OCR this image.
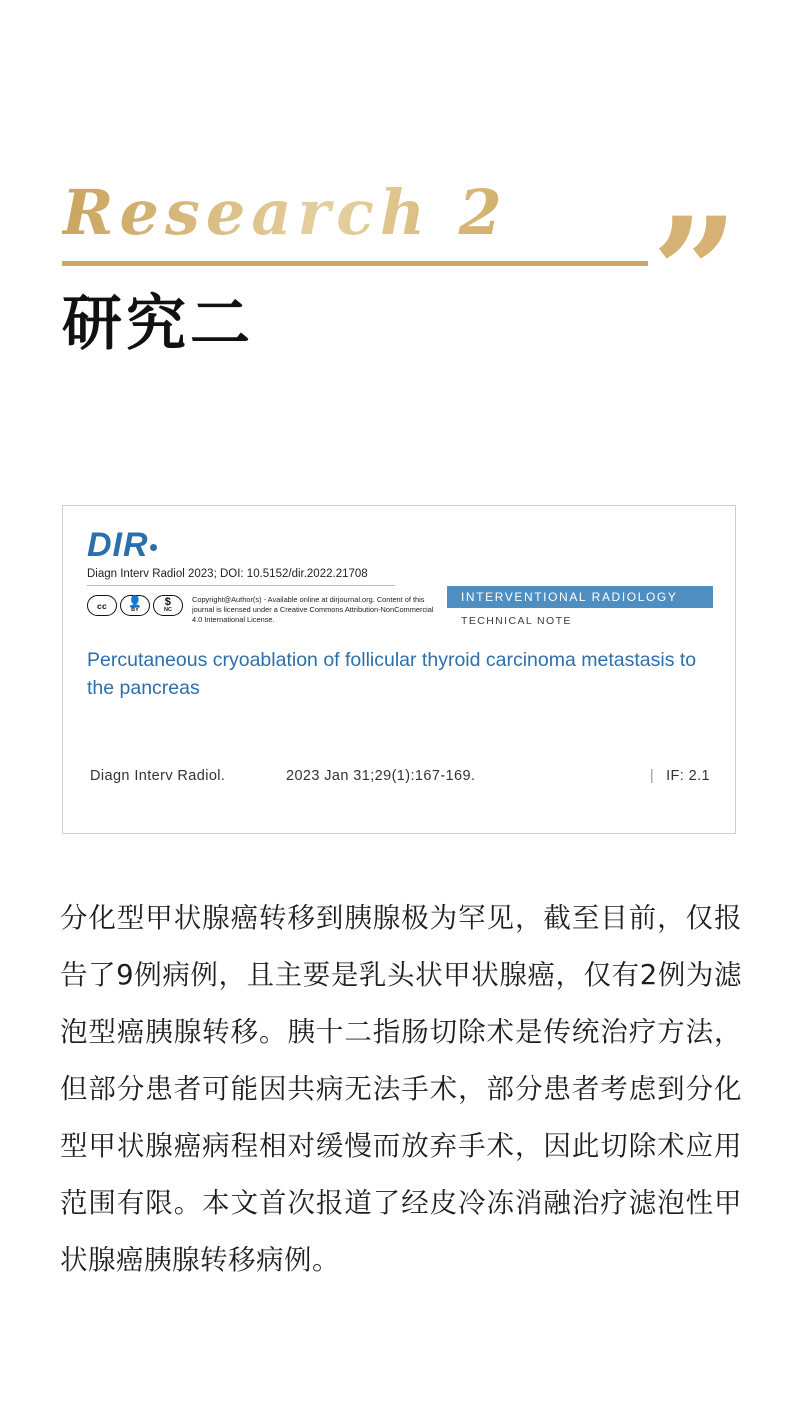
Research 2
研究二	”
DIR
Diagn Interv Radiol 2023; DOI: 10.5152/dir.2022.21708
cc	👤
BY
$
NC
Copyright@Author(s) - Available online at dirjournal.org. Content of this journal is licensed under a Creative Commons Attribution-NonCommercial 4.0 International License.
INTERVENTIONAL RADIOLOGY
TECHNICAL NOTE
Percutaneous cryoablation of follicular thyroid carcinoma metastasis to the pancreas
Diagn Interv Radiol.	2023 Jan 31;29(1):167-169.	| IF: 2.1
分化型甲状腺癌转移到胰腺极为罕见，截至目前，仅报告了9例病例，且主要是乳头状甲状腺癌，仅有2例为滤泡型癌胰腺转移。胰十二指肠切除术是传统治疗方法，但部分患者可能因共病无法手术，部分患者考虑到分化型甲状腺癌病程相对缓慢而放弃手术，因此切除术应用范围有限。本文首次报道了经皮冷冻消融治疗滤泡性甲状腺癌胰腺转移病例。
